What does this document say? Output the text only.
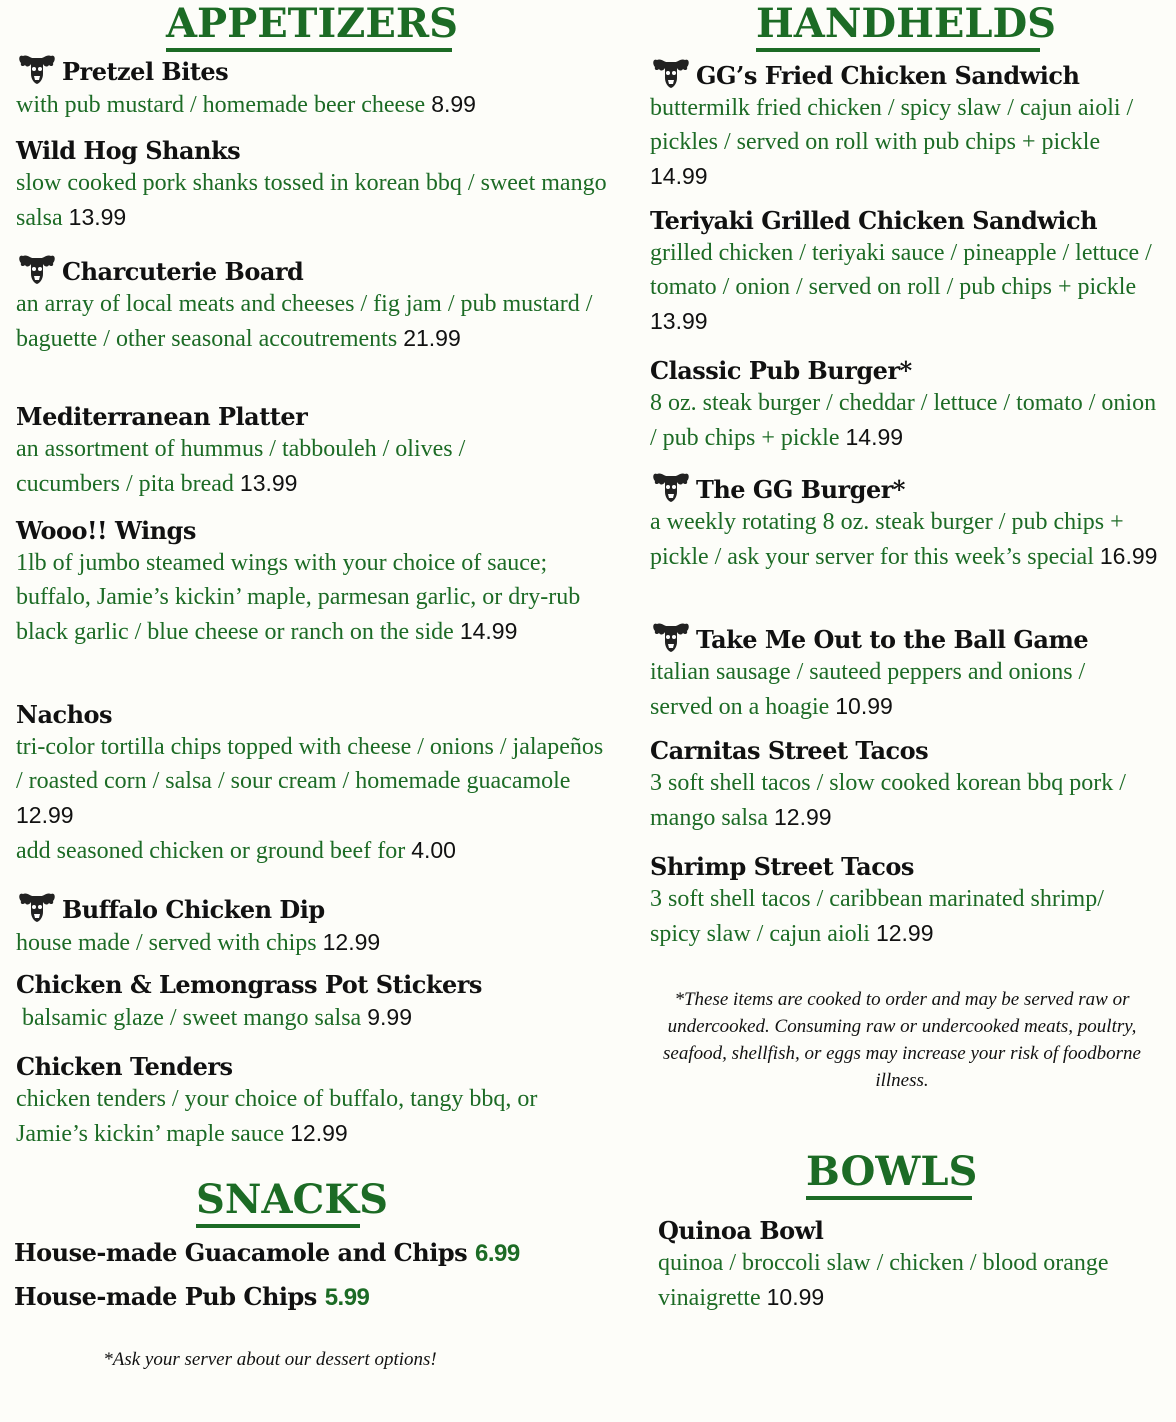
APPETIZERS
Pretzel Bites
with pub mustard / homemade beer cheese 8.99
Wild Hog Shanks
slow cooked pork shanks tossed in korean bbq / sweet mango salsa 13.99
Charcuterie Board
an array of local meats and cheeses / fig jam / pub mustard / baguette / other seasonal accoutrements 21.99
Mediterranean Platter
an assortment of hummus / tabbouleh / olives / cucumbers / pita bread 13.99
Wooo!! Wings
1lb of jumbo steamed wings with your choice of sauce; buffalo, Jamie’s kickin’ maple, parmesan garlic, or dry-rub black garlic / blue cheese or ranch on the side 14.99
Nachos
tri-color tortilla chips topped with cheese / onions / jalapeños / roasted corn / salsa / sour cream / homemade guacamole 12.99
add seasoned chicken or ground beef for 4.00
Buffalo Chicken Dip
house made / served with chips 12.99
Chicken & Lemongrass Pot Stickers
balsamic glaze / sweet mango salsa 9.99
Chicken Tenders
chicken tenders / your choice of buffalo, tangy bbq, or Jamie’s kickin’ maple sauce 12.99
SNACKS
House-made Guacamole and Chips 6.99
House-made Pub Chips 5.99
*Ask your server about our dessert options!
HANDHELDS
GG’s Fried Chicken Sandwich
buttermilk fried chicken / spicy slaw / cajun aioli / pickles / served on roll with pub chips + pickle 14.99
Teriyaki Grilled Chicken Sandwich
grilled chicken / teriyaki sauce / pineapple / lettuce / tomato / onion / served on roll / pub chips + pickle 13.99
Classic Pub Burger*
8 oz. steak burger / cheddar / lettuce / tomato / onion / pub chips + pickle 14.99
The GG Burger*
a weekly rotating 8 oz. steak burger / pub chips + pickle / ask your server for this week’s special 16.99
Take Me Out to the Ball Game
italian sausage / sauteed peppers and onions / served on a hoagie 10.99
Carnitas Street Tacos
3 soft shell tacos / slow cooked korean bbq pork / mango salsa 12.99
Shrimp Street Tacos
3 soft shell tacos / caribbean marinated shrimp/ spicy slaw / cajun aioli 12.99
*These items are cooked to order and may be served raw or undercooked. Consuming raw or undercooked meats, poultry, seafood, shellfish, or eggs may increase your risk of foodborne illness.
BOWLS
Quinoa Bowl
quinoa / broccoli slaw / chicken / blood orange vinaigrette 10.99
